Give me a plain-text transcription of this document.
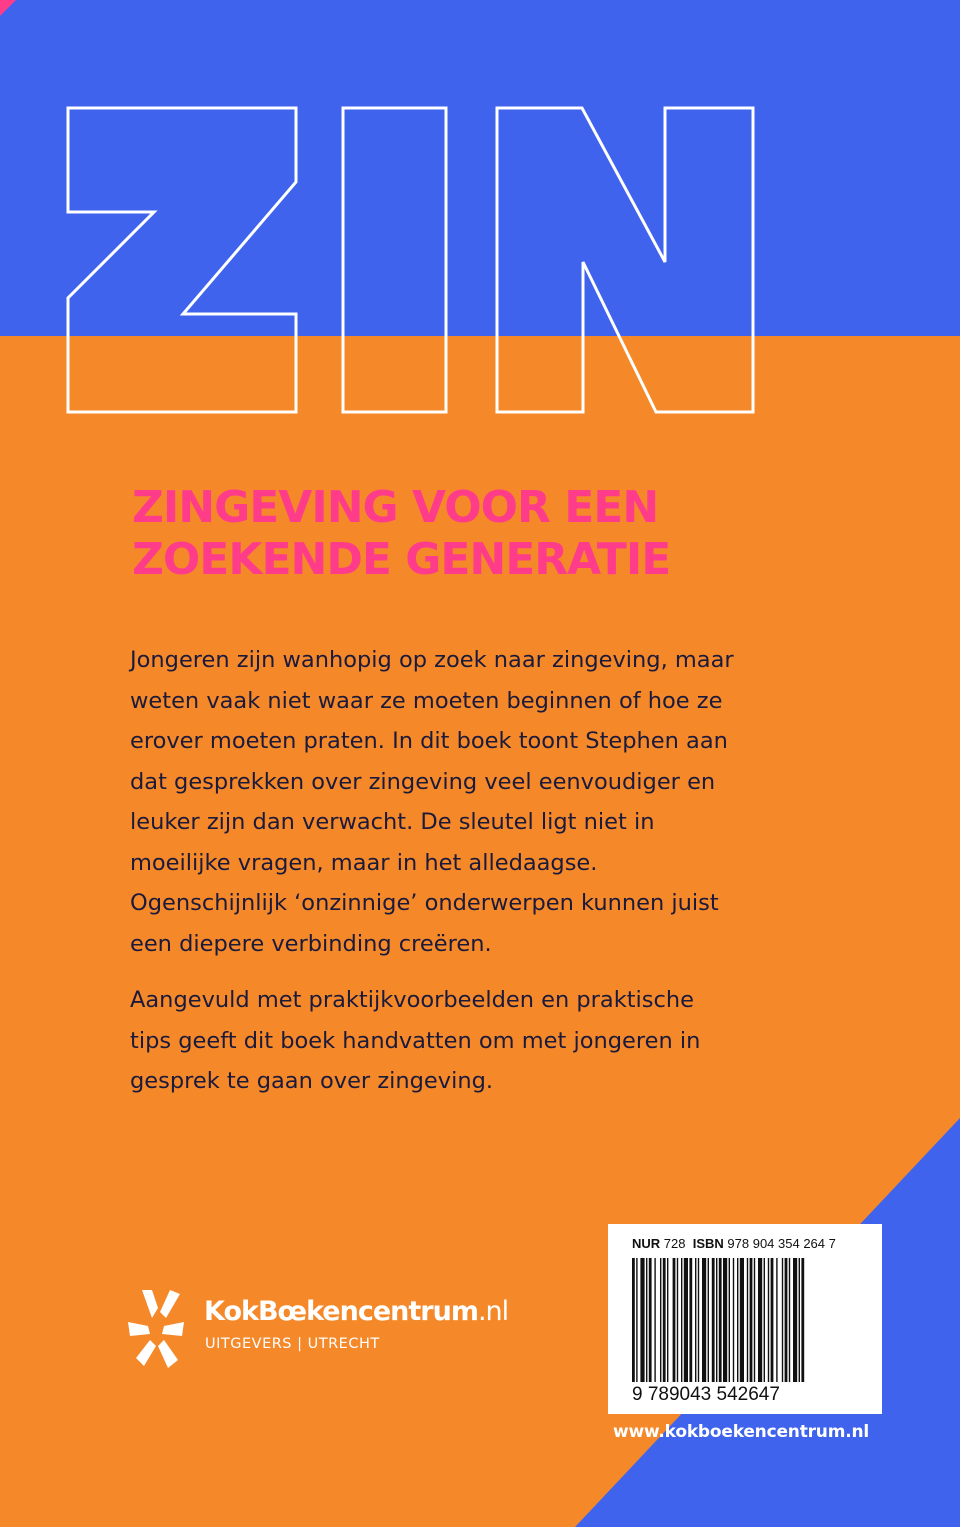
ZINGEVING VOOR EEN
ZOEKENDE GENERATIE

Jongeren zijn wanhopig op zoek naar zingeving, maar weten vaak niet waar ze moeten beginnen of hoe ze erover moeten praten. In dit boek toont Stephen aan dat gesprekken over zingeving veel eenvoudiger en leuker zijn dan verwacht. De sleutel ligt niet in moeilijke vragen, maar in het alledaagse. Ogenschijnlijk ‘onzinnige’ onderwerpen kunnen juist een diepere verbinding creëren.

Aangevuld met praktijkvoorbeelden en praktische tips geeft dit boek handvatten om met jongeren in gesprek te gaan over zingeving.

KokBœkencentrum.nl
UITGEVERS | UTRECHT
NUR 728 ISBN 978 904 354 264 7
9 789043 542647
www.kokboekencentrum.nl
